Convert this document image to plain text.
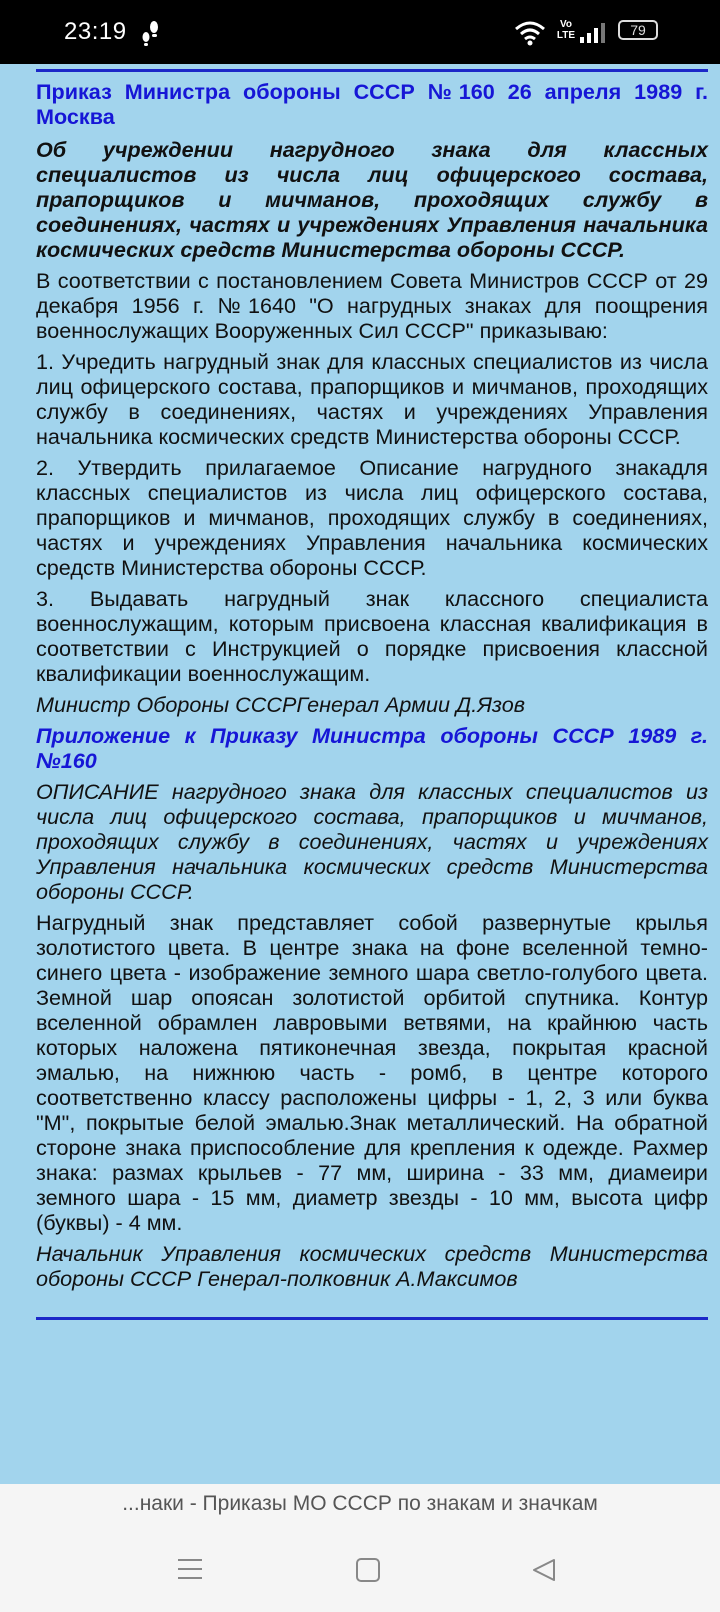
23:19	Vo
LTE	79

Приказ Министра обороны СССР №160 26 апреля 1989 г. Москва

Об учреждении нагрудного знака для классных специалистов из числа лиц офицерского состава, прапорщиков и мичманов, проходящих службу в соединениях, частях и учреждениях Управления начальника космических средств Министерства обороны СССР.

В соответствии с постановлением Совета Министров СССР от 29 декабря 1956 г. №1640 "О нагрудных знаках для поощрения военнослужащих Вооруженных Сил СССР" приказываю:

1. Учредить нагрудный знак для классных специалистов из числа лиц офицерского состава, прапорщиков и мичманов, проходящих службу в соединениях, частях и учреждениях Управления начальника космических средств Министерства обороны СССР.

2. Утвердить прилагаемое Описание нагрудного знакадля классных специалистов из числа лиц офицерского состава, прапорщиков и мичманов, проходящих службу в соединениях, частях и учреждениях Управления начальника космических средств Министерства обороны СССР.

3. Выдавать нагрудный знак классного специалиста военнослужащим, которым присвоена классная квалификация в соответствии с Инструкцией о порядке присвоения классной квалификации военнослужащим.

Министр Обороны СССРГенерал Армии Д.Язов

Приложение к Приказу Министра обороны СССР 1989 г. №160

ОПИСАНИЕ нагрудного знака для классных специалистов из числа лиц офицерского состава, прапорщиков и мичманов, проходящих службу в соединениях, частях и учреждениях Управления начальника космических средств Министерства обороны СССР.

Нагрудный знак представляет собой развернутые крылья золотистого цвета. В центре знака на фоне вселенной темно-синего цвета - изображение земного шара светло-голубого цвета. Земной шар опоясан золотистой орбитой спутника. Контур вселенной обрамлен лавровыми ветвями, на крайнюю часть которых наложена пятиконечная звезда, покрытая красной эмалью, на нижнюю часть - ромб, в центре которого соответственно классу расположены цифры - 1, 2, 3 или буква "М", покрытые белой эмалью.Знак металлический. На обратной стороне знака приспособление для крепления к одежде. Рахмер знака: размах крыльев - 77 мм, ширина - 33 мм, диамеири земного шара - 15 мм, диаметр звезды - 10 мм, высота цифр (буквы) - 4 мм.

Начальник Управления космических средств Министерства обороны СССР Генерал-полковник А.Максимов

...наки - Приказы МО СССР по знакам и значкам
